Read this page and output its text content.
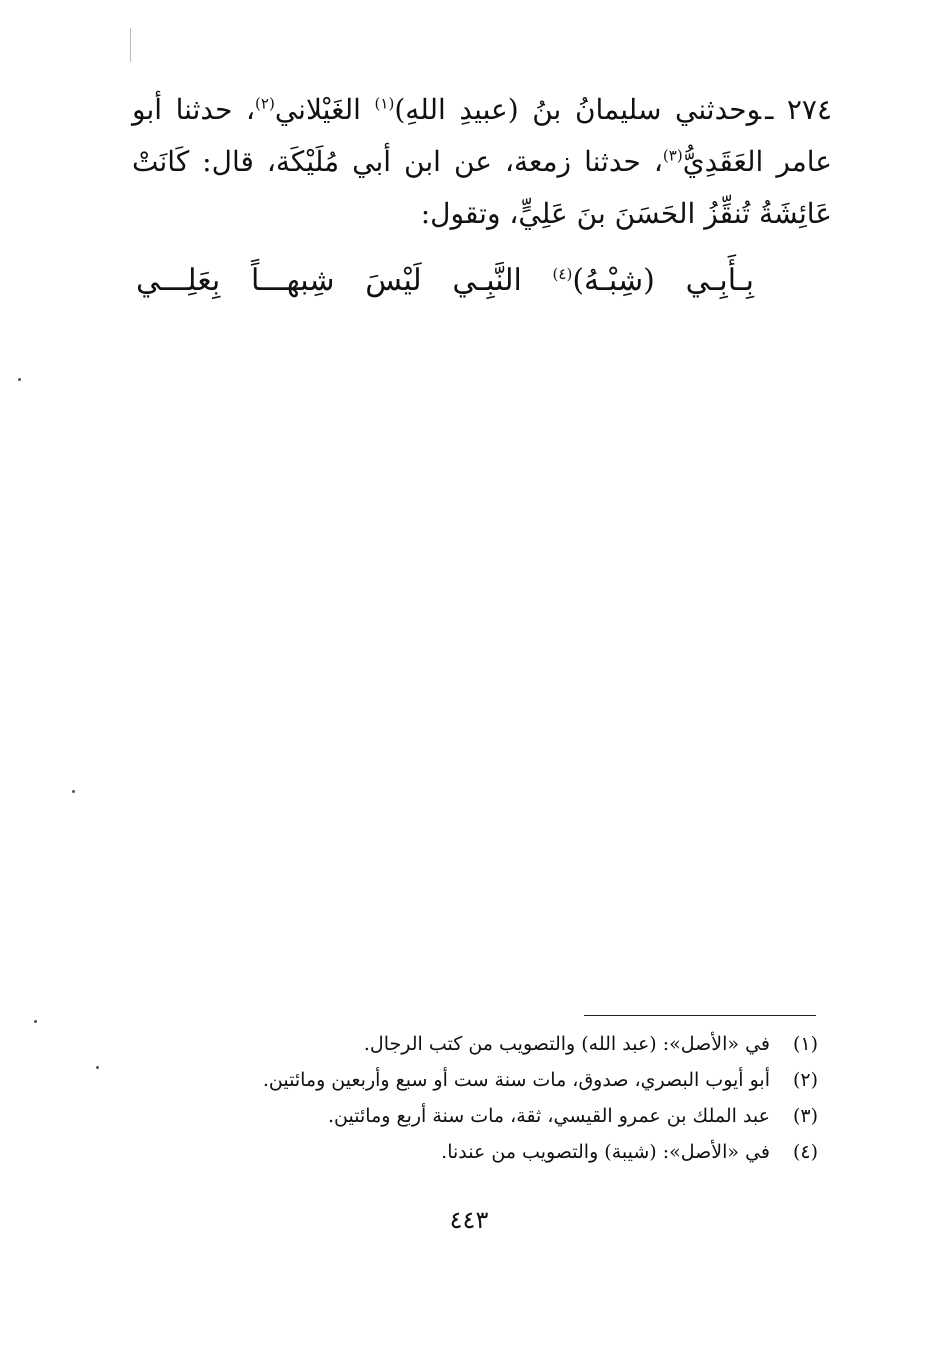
٢٧٤ ـوحدثني سليمانُ بنُ (عبيدِ اللهِ)$^{(١)}$ الغَيْلاني$^{(٢)}$، حدثنا أبو عامر العَقَدِيُّ$^{(٣)}$، حدثنا زمعة، عن ابن أبي مُلَيْكَة، قال: كَانَتْ عَائِشَةُ تُنقِّزُ الحَسَنَ بنَ عَلِيٍّ، وتقول:

بِـأَبِـي
(شِبْـهُ)$^{(٤)}$
النَّبِـي
لَيْسَ
شِبهـــاً
بِعَلِـــي
(١)في «الأصل»: (عبد الله) والتصويب من كتب الرجال.
(٢)أبو أيوب البصري، صدوق، مات سنة ست أو سبع وأربعين ومائتين.
(٣)عبد الملك بن عمرو القيسي، ثقة، مات سنة أربع ومائتين.
(٤)في «الأصل»: (شيبة) والتصويب من عندنا.
٤٤٣
